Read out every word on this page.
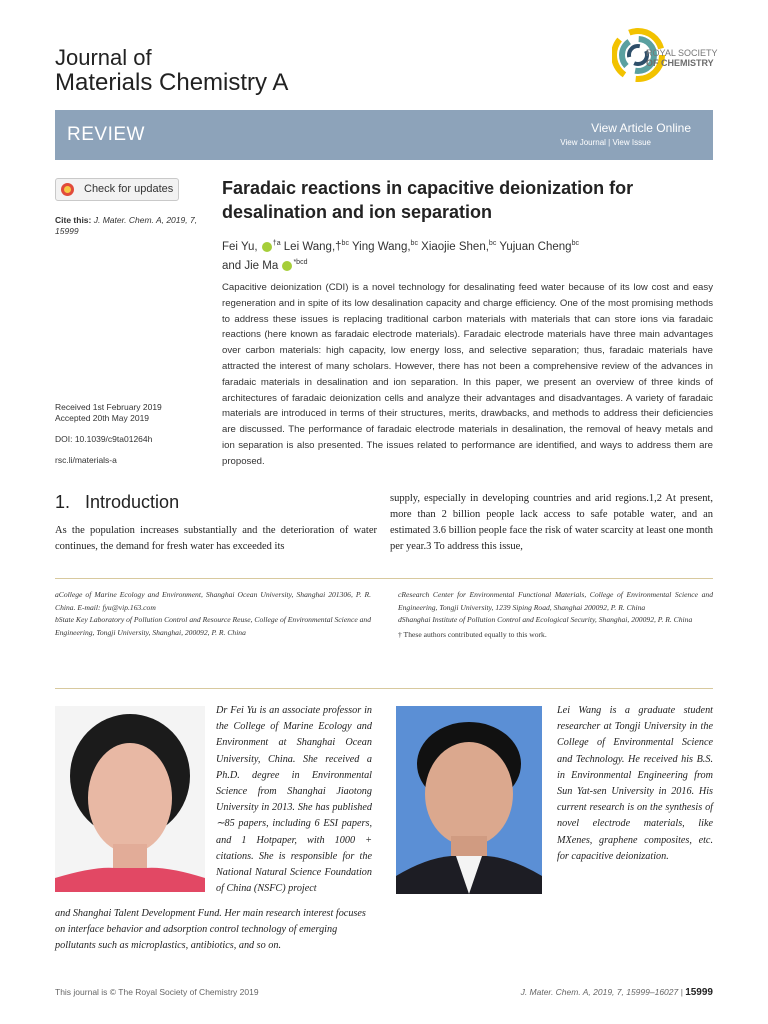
Journal of
Materials Chemistry A
ROYAL SOCIETY
OF CHEMISTRY
REVIEW	View Article Online
View Journal | View Issue
Check for updates
Cite this: J. Mater. Chem. A, 2019, 7, 15999
Received 1st February 2019
Accepted 20th May 2019
DOI: 10.1039/c9ta01264h
rsc.li/materials-a
Faradaic reactions in capacitive deionization for desalination and ion separation
Fei Yu, $^{\dagger a}$ Lei Wang,†$^{bc}$ Ying Wang,$^{bc}$ Xiaojie Shen,$^{bc}$ Yujuan Cheng$^{bc}$
and Jie Ma $^{*bcd}$
Capacitive deionization (CDI) is a novel technology for desalinating feed water because of its low cost and easy regeneration and in spite of its low desalination capacity and charge efficiency. One of the most promising methods to address these issues is replacing traditional carbon materials with materials that can store ions via faradaic reactions (here known as faradaic electrode materials). Faradaic electrode materials have three main advantages over carbon materials: high capacity, low energy loss, and selective separation; thus, faradaic materials have attracted the interest of many scholars. However, there has not been a comprehensive review of the advances in faradaic materials in desalination and ion separation. In this paper, we present an overview of three kinds of architectures of faradaic deionization cells and analyze their advantages and disadvantages. A variety of faradaic materials are introduced in terms of their structures, merits, drawbacks, and methods to address their deficiencies are discussed. The performance of faradaic electrode materials in desalination, the removal of heavy metals and ion separation is also presented. The issues related to performance are identified, and ways to address them are proposed.
1.   Introduction
As the population increases substantially and the deterioration of water continues, the demand for fresh water has exceeded its
supply, especially in developing countries and arid regions.1,2 At present, more than 2 billion people lack access to safe potable water, and an estimated 3.6 billion people face the risk of water scarcity at least one month per year.3 To address this issue,
aCollege of Marine Ecology and Environment, Shanghai Ocean University, Shanghai 201306, P. R. China. E-mail: fyu@vip.163.com
bState Key Laboratory of Pollution Control and Resource Reuse, College of Environmental Science and Engineering, Tongji University, Shanghai, 200092, P. R. China
cResearch Center for Environmental Functional Materials, College of Environmental Science and Engineering, Tongji University, 1239 Siping Road, Shanghai 200092, P. R. China
dShanghai Institute of Pollution Control and Ecological Security, Shanghai, 200092, P. R. China
† These authors contributed equally to this work.
Dr Fei Yu is an associate professor in the College of Marine Ecology and Environment at Shanghai Ocean University, China. She received a Ph.D. degree in Environmental Science from Shanghai Jiaotong University in 2013. She has published ∼85 papers, including 6 ESI papers, and 1 Hotpaper, with 1000 + citations. She is responsible for the National Natural Science Foundation of China (NSFC) project
and Shanghai Talent Development Fund. Her main research interest focuses on interface behavior and adsorption control technology of emerging pollutants such as microplastics, antibiotics, and so on.
Lei Wang is a graduate student researcher at Tongji University in the College of Environmental Science and Technology. He received his B.S. in Environmental Engineering from Sun Yat-sen University in 2016. His current research is on the synthesis of novel electrode materials, like MXenes, graphene composites, etc. for capacitive deionization.
This journal is © The Royal Society of Chemistry 2019	J. Mater. Chem. A, 2019, 7, 15999–16027 | 15999
